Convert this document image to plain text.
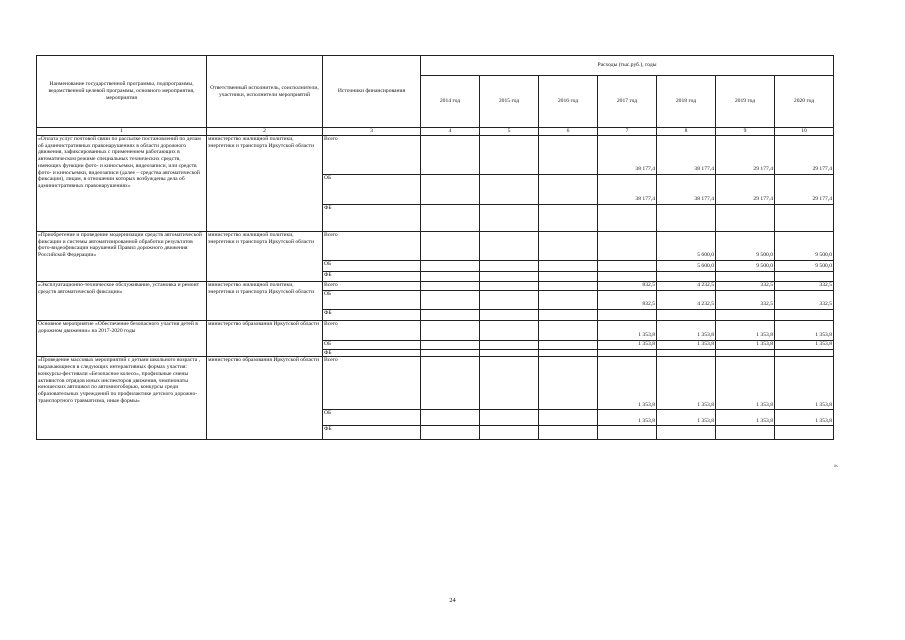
Наименование государственной программы, подпрограммы, ведомственной целевой программы, основного мероприятия, мероприятия	Ответственный исполнитель, соисполнители, участники, исполнители мероприятий	Источники финансирования	Расходы (тыс.руб.), годы						
			2014 год	2015 год	2016 год	2017 год	2018 год	2019 год	2020 год
1	2	3	4	5	6	7	8	9	10
«Оплата услуг почтовой связи по рассылке постановлений по делам об административных правонарушениях в области дорожного движения, зафиксированных с применением работающих в автоматическом режиме специальных технических средств, имеющих функции фото- и киносъемки, видеозаписи, или средств фото- и киносъемки, видеозаписи (далее – средства автоматической фиксации), лицам, в отношении которых возбуждены дела об административных правонарушениях»	министерство жилищной политики, энергетики и транспорта Иркутской области	Всего				38 177,4	38 177,4	29 177,4	29 177,4
		ОБ				38 177,4	38 177,4	29 177,4	29 177,4
		ФБ							
«Приобретение и проведение модернизации средств автоматической фиксации и системы автоматизированной обработки результатов фото-видеофиксации нарушений Правил дорожного движения Российской Федерации»	министерство жилищной политики, энергетики и транспорта Иркутской области	Всего					5 600,0	9 500,0	9 500,0
		ОБ					5 600,0	9 500,0	9 500,0
		ФБ							
«Эксплуатационно-техническое обслуживание, установка и ремонт средств автоматической фиксации»	министерство жилищной политики, энергетики и транспорта Иркутской области	Всего				832,5	4 232,5	332,5	332,5
		ОБ				832,5	4 232,5	332,5	332,5
		ФБ							
Основное мероприятие «Обеспечение безопасного участия детей в дорожном движении» на 2017-2020 годы	министерство образования Иркутской области	Всего				1 353,8	1 353,8	1 353,8	1 353,8
		ОБ				1 353,8	1 353,8	1 353,8	1 353,8
		ФБ							
«Проведение массовых мероприятий с детьми школьного возраста , выражающиеся в следующих интерактивных формах участия: конкурсы-фестивали «Безопасное колесо», профильные смены активистов отрядов юных инспекторов движения, чемпионаты юношеских автошкол по автомногоборью, конкурсы среди образовательных учреждений по профилактике детского дорожно-транспортного травматизма, иные формы»	министерство образования Иркутской области	Всего				1 353,8	1 353,8	1 353,8	1 353,8
		ОБ				1 353,8	1 353,8	1 353,8	1 353,8
		ФБ							
».
24
